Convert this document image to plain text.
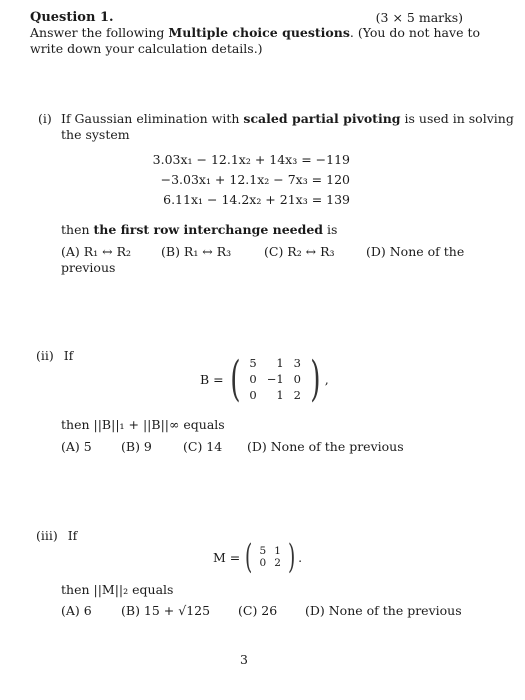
Question 1.	(3 × 5 marks)
Answer the following Multiple choice questions. (You do not have to
write down your calculation details.)
(i) If Gaussian elimination with scaled partial pivoting is used in solving
the system
3.03x₁ − 12.1x₂ + 14x₃ = −119
−3.03x₁ + 12.1x₂ − 7x₃ = 120
6.11x₁ − 14.2x₂ + 21x₃ = 139
then the first row interchange needed is
(A) R₁ ↔ R₂ (B) R₁ ↔ R₃	(C) R₂ ↔ R₃	(D) None of the
previous
(ii) If
B = ( 5	1	3
0	−1	0
0	1	2 ) ,
then ||B||₁ + ||B||∞ equals
(A) 5 (B) 9 (C) 14 (D) None of the previous
(iii) If
M = ( 5	1
0	2 ) .
then ||M||₂ equals
(A) 6 (B) 15 + √125 (C) 26 (D) None of the previous
3
